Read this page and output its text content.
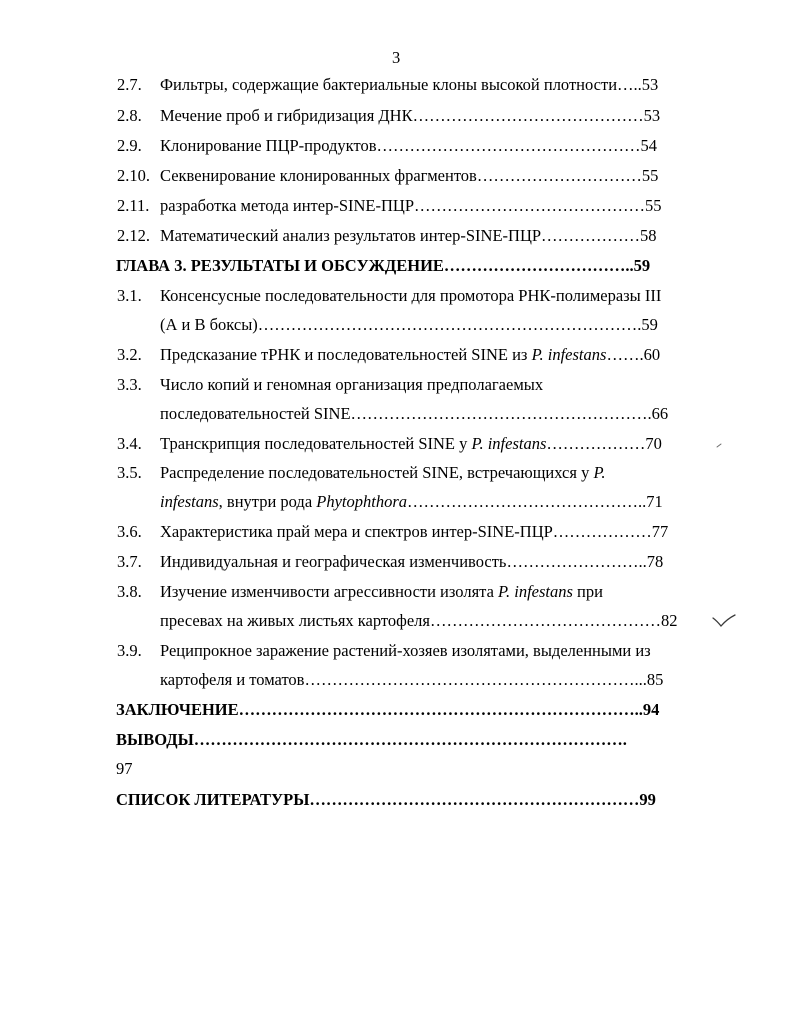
3
2.7. Фильтры, содержащие бактериальные клоны высокой плотности…..53
2.8. Мечение проб и гибридизация ДНК……………………………………53
2.9. Клонирование ПЦР-продуктов…………………………………………54
2.10. Секвенирование клонированных фрагментов…………………………55
2.11. разработка метода интер-SINE-ПЦР……………………………………55
2.12. Математический анализ результатов интер-SINE-ПЦР………………58
ГЛАВА 3. РЕЗУЛЬТАТЫ И ОБСУЖДЕНИЕ……………………………..59
3.1. Консенсусные последовательности для промотора РНК-полимеразы III
(А и В боксы)…………………………………………………………….59
3.2. Предсказание тРНК и последовательностей SINE из P. infestans…….60
3.3. Число копий и геномная организация предполагаемых
последовательностей SINE……………………………………………….66
3.4. Транскрипция последовательностей SINE у P. infestans………………70
3.5. Распределение последовательностей SINE, встречающихся у P.
infestans, внутри рода Phytophthora……………………………………..71
3.6. Характеристика прай мера и спектров интер-SINE-ПЦР………………77
3.7. Индивидуальная и географическая изменчивость……………………..78
3.8. Изучение изменчивости агрессивности изолята P. infestans при
пресевах на живых листьях картофеля……………………………………82
3.9. Реципрокное заражение растений-хозяев изолятами, выделенными из
картофеля и томатов……………………………………………………...85
ЗАКЛЮЧЕНИЕ………………………………………………………………..94
ВЫВОДЫ…………………………………………………………………….
97
СПИСОК ЛИТЕРАТУРЫ……………………………………………………99
